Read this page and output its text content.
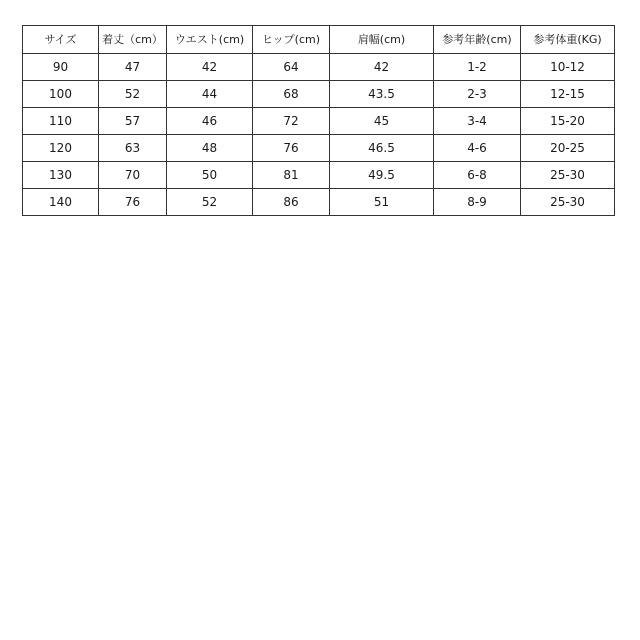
サイズ	着丈（cm）	ウエスト(cm)	ヒップ(cm)	肩幅(cm)	参考年齢(cm)	参考体重(KG)
90	47	42	64	42	1-2	10-12
100	52	44	68	43.5	2-3	12-15
110	57	46	72	45	3-4	15-20
120	63	48	76	46.5	4-6	20-25
130	70	50	81	49.5	6-8	25-30
140	76	52	86	51	8-9	25-30
